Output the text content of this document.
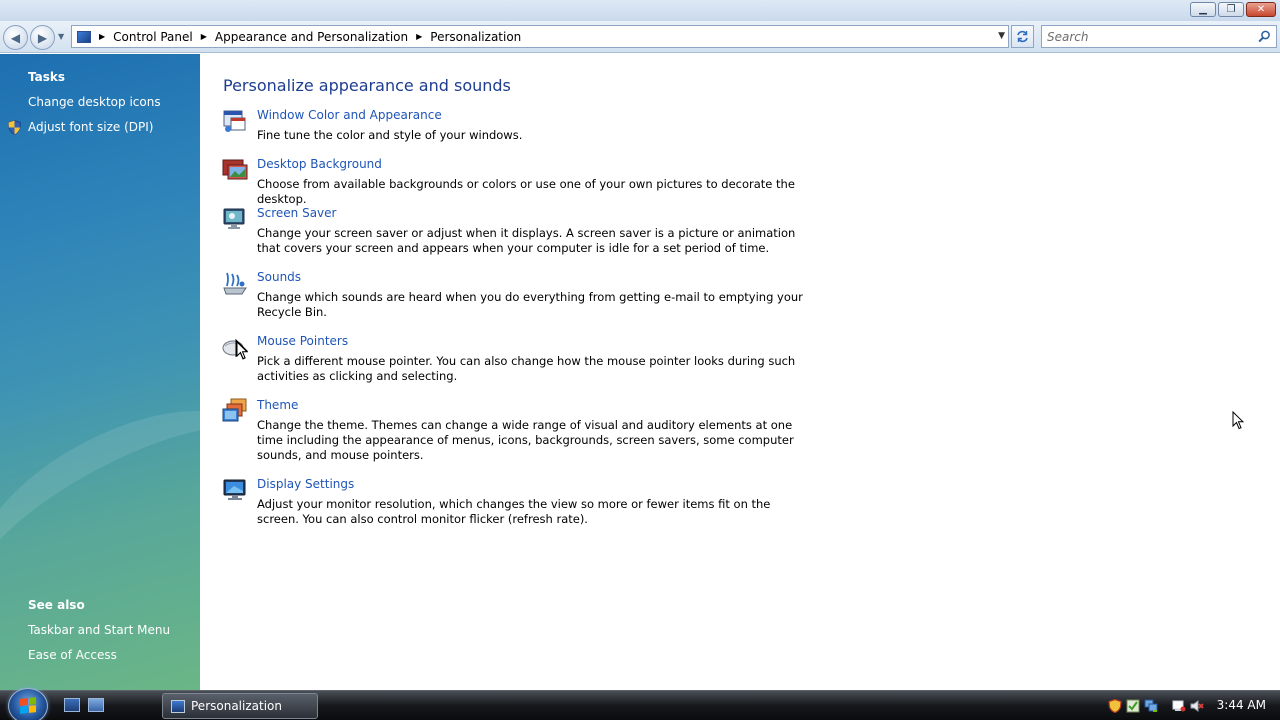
▁	❐	✕
◀	▶	▼	▶ Control Panel ▶ Appearance and Personalization ▶ Personalization	▼
Search
Tasks
Change desktop icons
Adjust font size (DPI)
See also
Taskbar and Start Menu
Ease of Access
Personalize appearance and sounds
Window Color and Appearance
Fine tune the color and style of your windows.
Desktop Background
Choose from available backgrounds or colors or use one of your own pictures to decorate the desktop.
Screen Saver
Change your screen saver or adjust when it displays. A screen saver is a picture or animation that covers your screen and appears when your computer is idle for a set period of time.
Sounds
Change which sounds are heard when you do everything from getting e-mail to emptying your Recycle Bin.
Mouse Pointers
Pick a different mouse pointer. You can also change how the mouse pointer looks during such activities as clicking and selecting.
Theme
Change the theme. Themes can change a wide range of visual and auditory elements at one time including the appearance of menus, icons, backgrounds, screen savers, some computer sounds, and mouse pointers.
Display Settings
Adjust your monitor resolution, which changes the view so more or fewer items fit on the screen. You can also control monitor flicker (refresh rate).
Personalization	3:44 AM
